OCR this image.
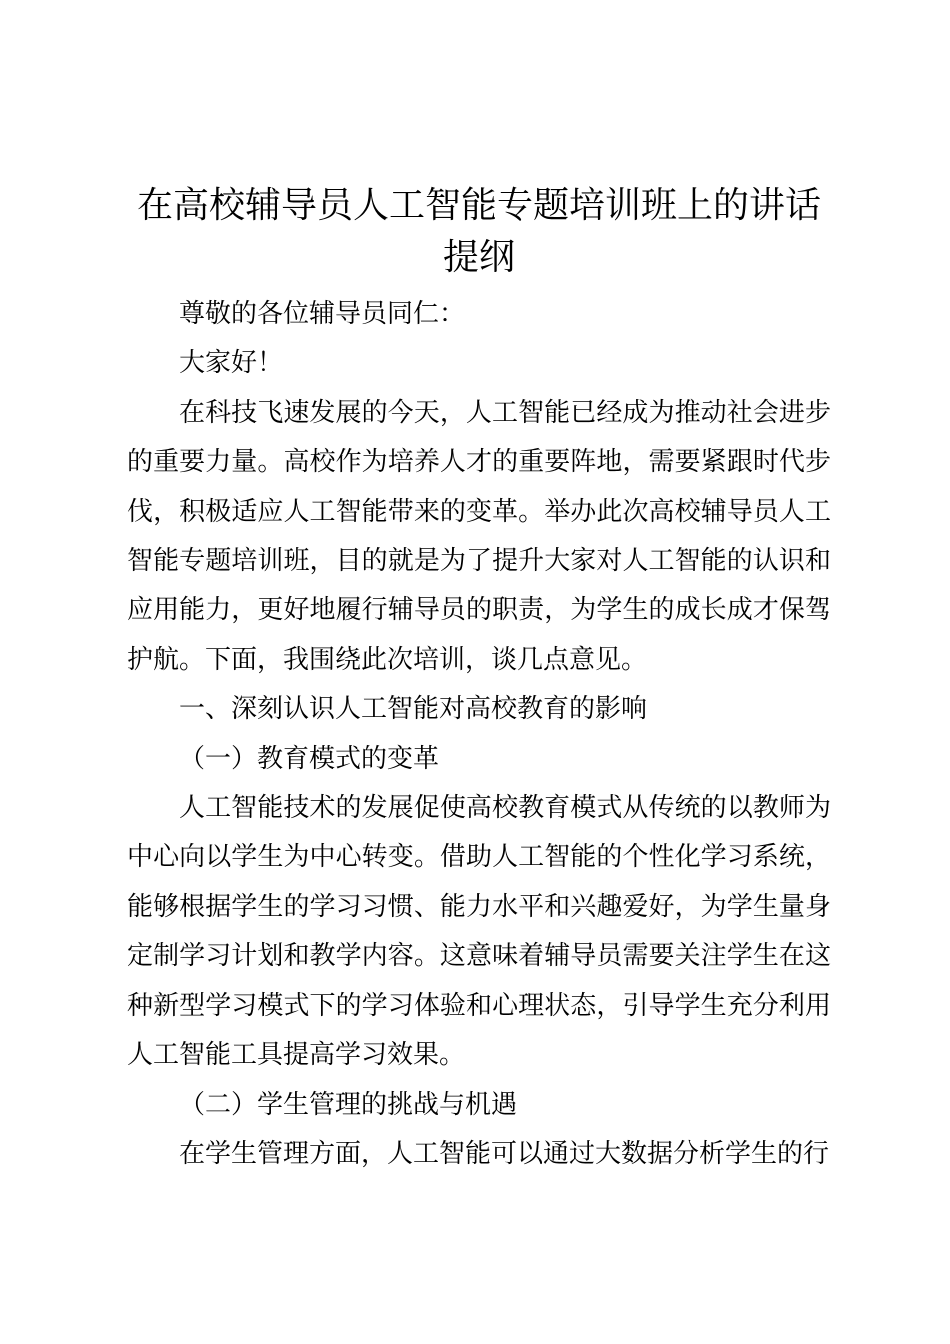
在高校辅导员人工智能专题培训班上的讲话提纲

尊敬的各位辅导员同仁：

大家好！

在科技飞速发展的今天，人工智能已经成为推动社会进步的重要力量。高校作为培养人才的重要阵地，需要紧跟时代步伐，积极适应人工智能带来的变革。举办此次高校辅导员人工智能专题培训班，目的就是为了提升大家对人工智能的认识和应用能力，更好地履行辅导员的职责，为学生的成长成才保驾护航。下面，我围绕此次培训，谈几点意见。

一、深刻认识人工智能对高校教育的影响

（一）教育模式的变革

人工智能技术的发展促使高校教育模式从传统的以教师为中心向以学生为中心转变。借助人工智能的个性化学习系统，能够根据学生的学习习惯、能力水平和兴趣爱好，为学生量身定制学习计划和教学内容。这意味着辅导员需要关注学生在这种新型学习模式下的学习体验和心理状态，引导学生充分利用人工智能工具提高学习效果。

（二）学生管理的挑战与机遇

在学生管理方面，人工智能可以通过大数据分析学生的行
